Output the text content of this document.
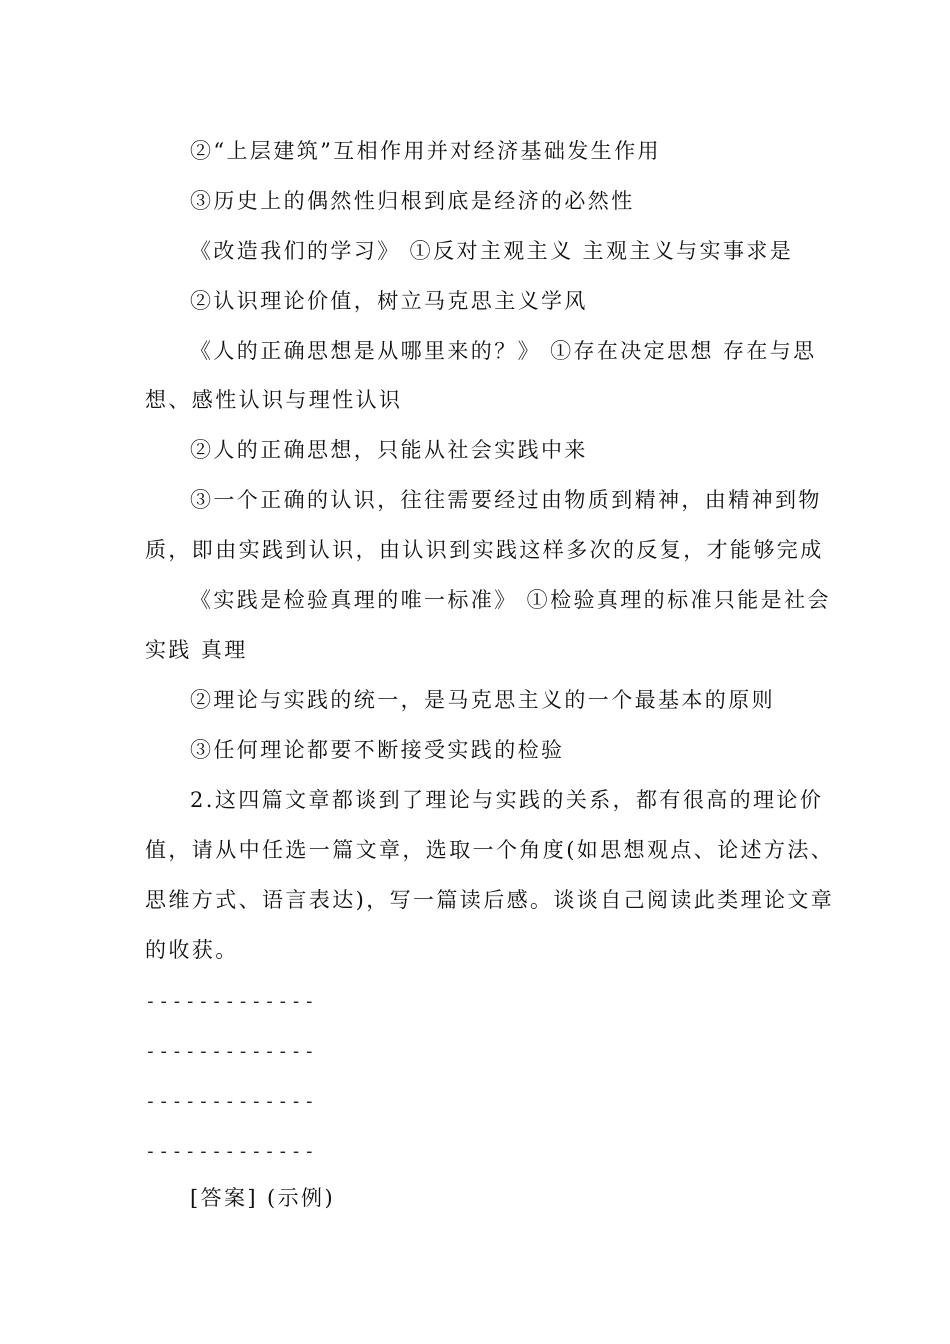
②“上层建筑”互相作用并对经济基础发生作用
③历史上的偶然性归根到底是经济的必然性
《改造我们的学习》 ①反对主观主义 主观主义与实事求是
②认识理论价值，树立马克思主义学风
《人的正确思想是从哪里来的？》 ①存在决定思想 存在与思
想、感性认识与理性认识
②人的正确思想，只能从社会实践中来
③一个正确的认识，往往需要经过由物质到精神，由精神到物
质，即由实践到认识，由认识到实践这样多次的反复，才能够完成
《实践是检验真理的唯一标准》 ①检验真理的标准只能是社会
实践 真理
②理论与实践的统一，是马克思主义的一个最基本的原则
③任何理论都要不断接受实践的检验
2.这四篇文章都谈到了理论与实践的关系，都有很高的理论价
值，请从中任选一篇文章，选取一个角度(如思想观点、论述方法、
思维方式、语言表达)，写一篇读后感。谈谈自己阅读此类理论文章
的收获。
-------------
-------------
-------------
-------------
[答案] (示例)
